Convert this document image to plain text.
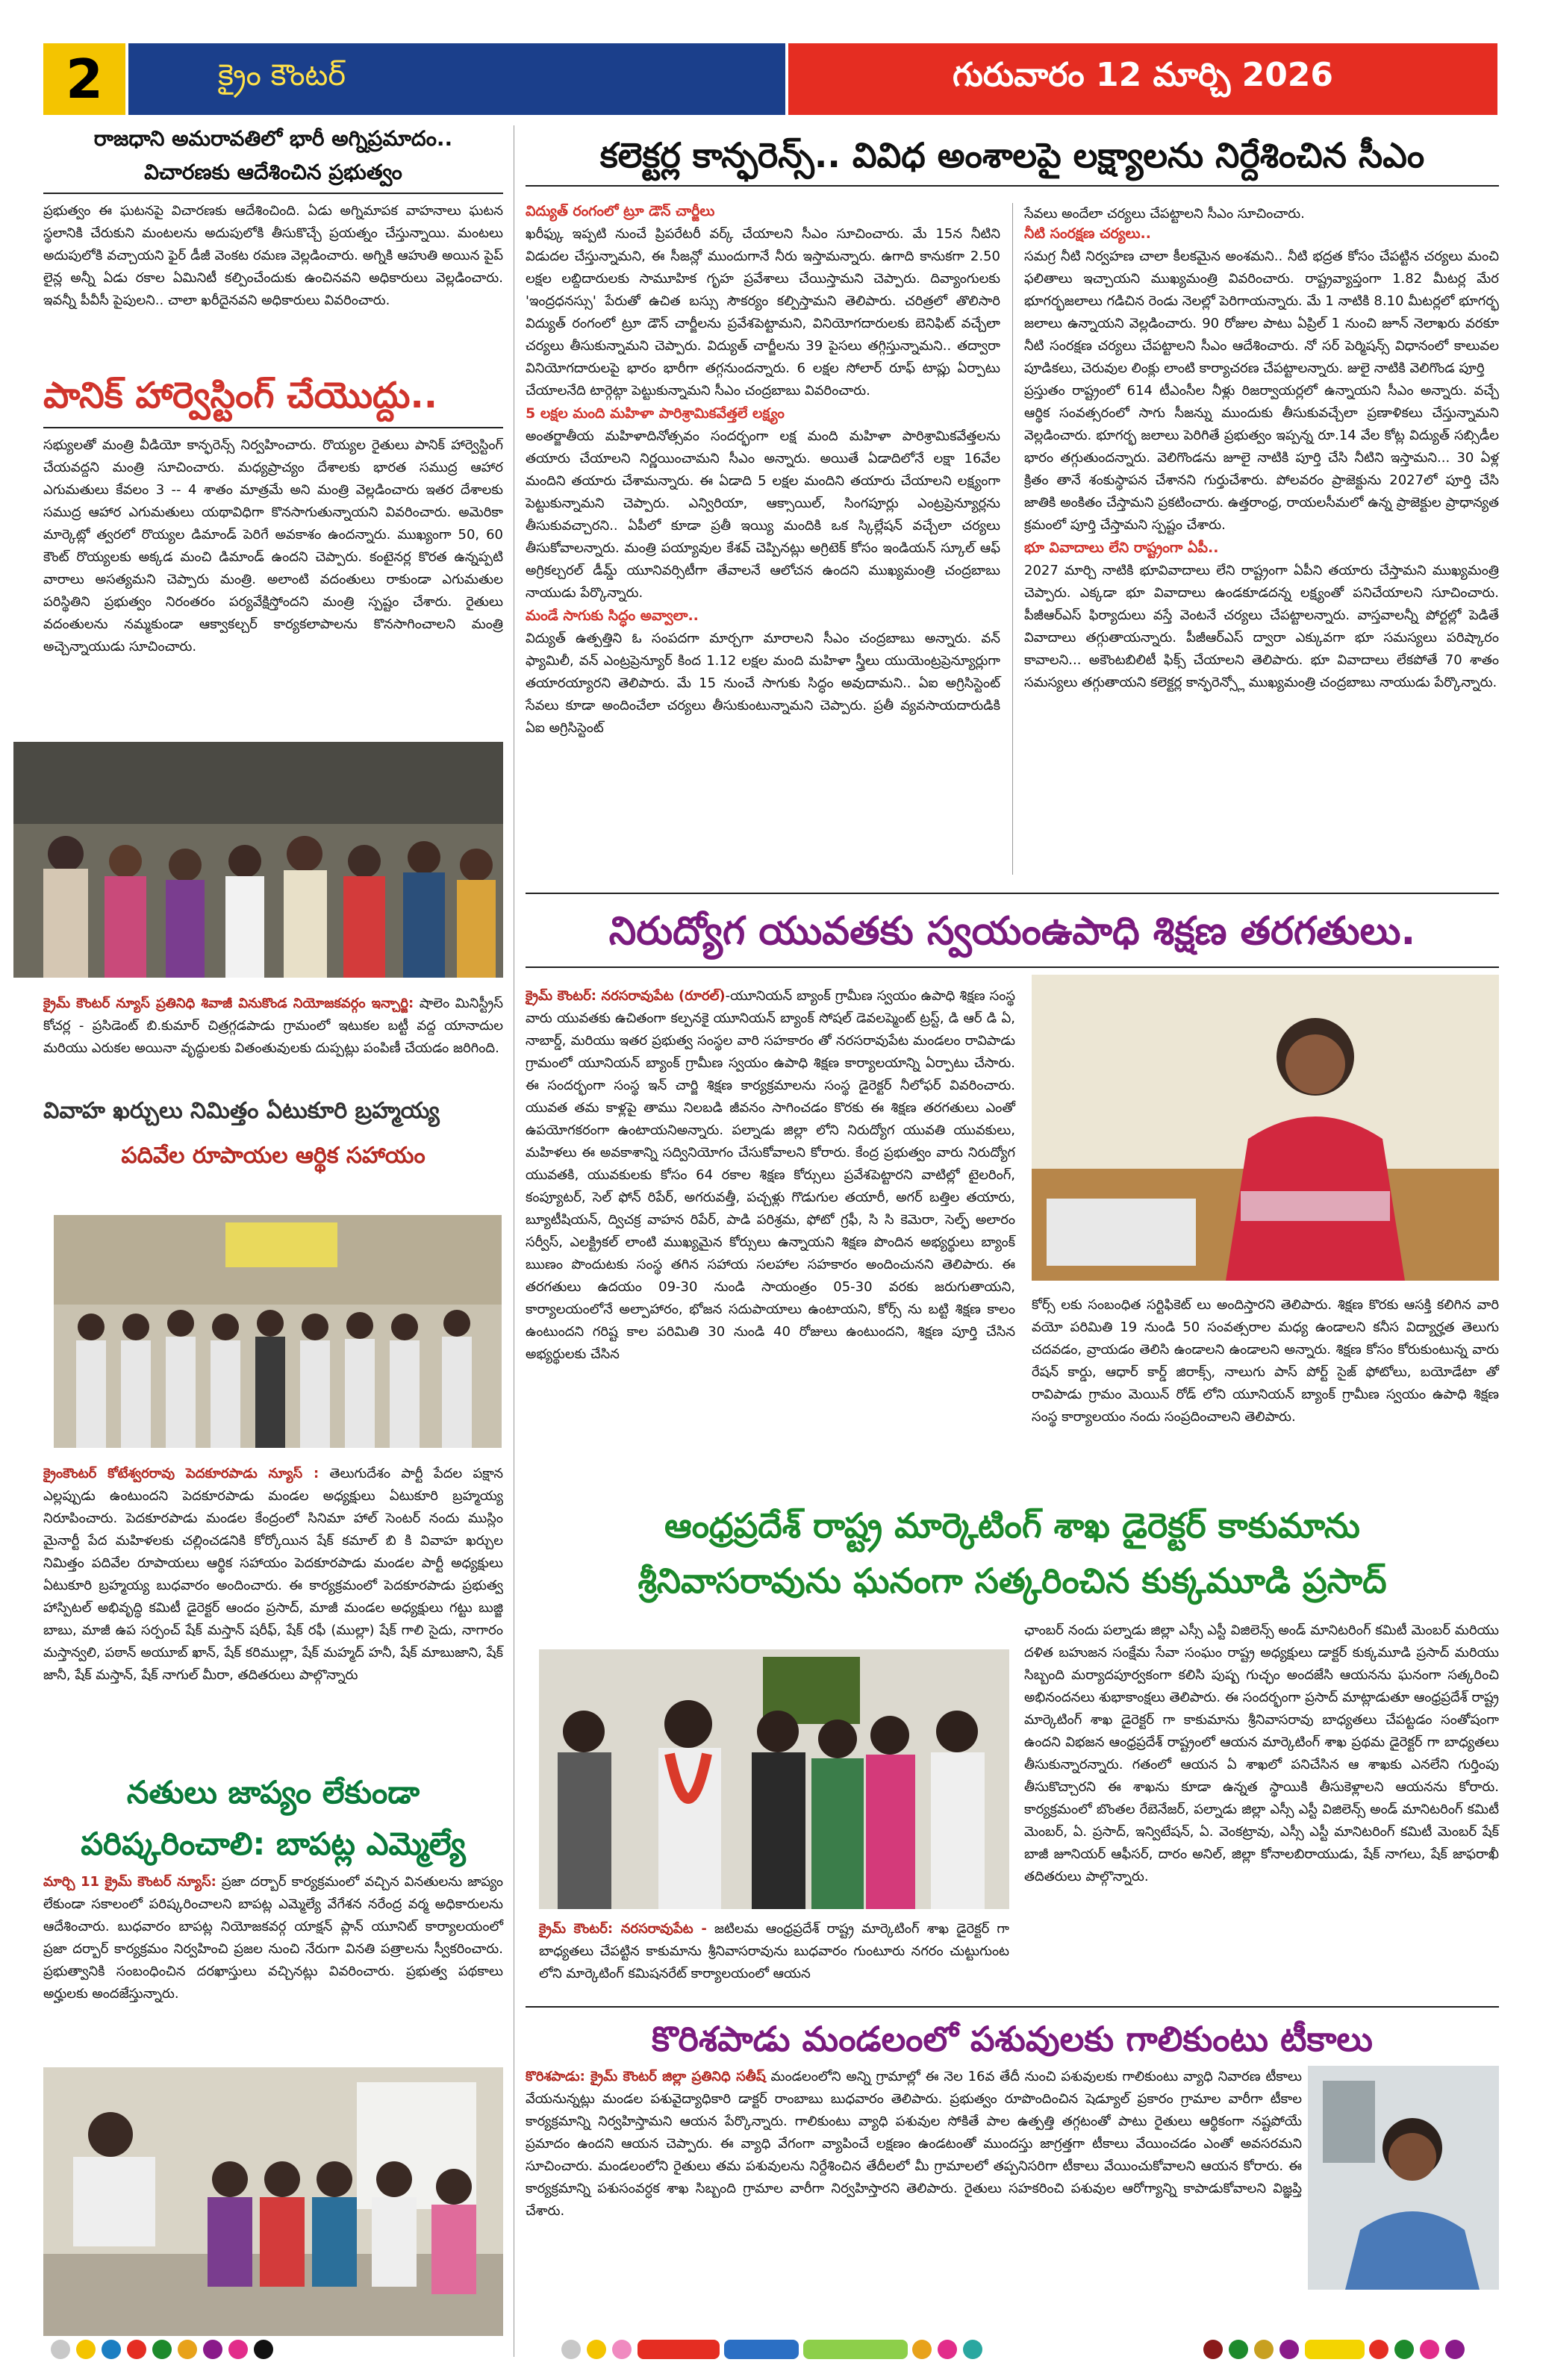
2	క్రైం కౌంటర్	గురువారం 12 మార్చి 2026
రాజధాని అమరావతిలో భారీ అగ్నిప్రమాదం..
విచారణకు ఆదేశించిన ప్రభుత్వం
ప్రభుత్వం ఈ ఘటనపై విచారణకు ఆదేశించింది. ఏడు అగ్నిమాపక వాహనాలు ఘటన స్థలానికి చేరుకుని మంటలను అదుపులోకి తీసుకొచ్చే ప్రయత్నం చేస్తున్నాయి. మంటలు అదుపులోకి వచ్చాయని ఫైర్ డీజీ వెంకట రమణ వెల్లడించారు. అగ్నికి ఆహుతి అయిన పైప్ లైన్ల అన్నీ ఏడు రకాల ఏమినిటీ కల్పించేందుకు ఉంచినవని అధికారులు వెల్లడించారు. ఇవన్నీ పీవీసీ పైపులని.. చాలా ఖరీదైనవని అధికారులు వివరించారు.
పానిక్ హార్వెస్టింగ్ చేయొద్దు..
సభ్యులతో మంత్రి వీడియో కాన్ఫరెన్స్ నిర్వహించారు. రొయ్యల రైతులు పానిక్ హార్వెస్టింగ్ చేయవద్దని మంత్రి సూచించారు. మధ్యప్రాచ్యం దేశాలకు భారత సముద్ర ఆహార ఎగుమతులు కేవలం 3 -- 4 శాతం మాత్రమే అని మంత్రి వెల్లడించారు ఇతర దేశాలకు సముద్ర ఆహార ఎగుమతులు యథావిధిగా కొనసాగుతున్నాయని వివరించారు. అమెరికా మార్కెట్లో త్వరలో రొయ్యల డిమాండ్ పెరిగే అవకాశం ఉందన్నారు. ముఖ్యంగా 50, 60 కౌంట్ రొయ్యలకు అక్కడ మంచి డిమాండ్ ఉందని చెప్పారు. కంటైనర్ల కొరత ఉన్నప్పటి వారాలు అసత్యమని చెప్పారు మంత్రి. అలాంటి వదంతులు రాకుండా ఎగుమతుల పరిస్థితిని ప్రభుత్వం నిరంతరం పర్యవేక్షిస్తోందని మంత్రి స్పష్టం చేశారు. రైతులు వదంతులను నమ్మకుండా ఆక్వాకల్చర్ కార్యకలాపాలను కొనసాగించాలని మంత్రి అచ్చెన్నాయుడు సూచించారు.
క్రైమ్ కౌంటర్ న్యూస్ ప్రతినిధి శివాజీ వినుకొండ నియోజకవర్గం ఇన్చార్జి: షాలెం మినిస్ట్రీస్ కోచర్ల - ప్రసిడెంట్ బి.కుమార్ చిత్రగ్గడపాడు గ్రామంలో ఇటుకల బట్టీ వద్ద యానాదుల మరియు ఎరుకల అయినా వృద్ధులకు వితంతువులకు దుప్పట్లు పంపిణీ చేయడం జరిగింది.
వివాహ ఖర్చులు నిమిత్తం ఏటుకూరి బ్రహ్మయ్య
పదివేల రూపాయల ఆర్థిక సహాయం
క్రైంకౌంటర్ కోటేశ్వరరావు పెదకూరపాడు న్యూస్ : తెలుగుదేశం పార్టీ పేదల పక్షాన ఎల్లప్పుడు ఉంటుందని పెదకూరపాడు మండల అధ్యక్షులు ఏటుకూరి బ్రహ్మయ్య నిరూపించారు. పెదకూరపాడు మండల కేంద్రంలో సినిమా హాల్ సెంటర్ నందు ముస్లిం మైనార్టీ పేద మహిళలకు చల్లించడనికి కోర్కోయిన షేక్ కమాల్ బి కి వివాహ ఖర్చుల నిమిత్తం పదివేల రూపాయలు ఆర్థిక సహాయం పెదకూరపాడు మండల పార్టీ అధ్యక్షులు ఏటుకూరి బ్రహ్మయ్య బుధవారం అందించారు. ఈ కార్యక్రమంలో పెదకూరపాడు ప్రభుత్వ హాస్పిటల్ అభివృద్ధి కమిటీ డైరెక్టర్ ఆందం ప్రసాద్, మాజీ మండల అధ్యక్షులు గట్టు బుజ్జి బాబు, మాజీ ఉప సర్పంచ్ షేక్ మస్తాన్ షరీఫ్, షేక్ రఫీ (ముల్లా) షేక్ గాలి సైదు, నాగారం మస్తాన్వలి, పఠాన్ అయూబ్ ఖాన్, షేక్ కరిముల్లా, షేక్ మహ్మద్ హనీ, షేక్ మాబుజాని, షేక్ జానీ, షేక్ మస్తాన్, షేక్ నాగుల్ మీరా, తదితరులు పాల్గొన్నారు
నతులు జాప్యం లేకుండా
పరిష్కరించాలి: బాపట్ల ఎమ్మెల్యే
మార్చి 11 క్రైమ్ కౌంటర్ న్యూస్: ప్రజా దర్బార్ కార్యక్రమంలో వచ్చిన వినతులను జాప్యం లేకుండా సకాలంలో పరిష్కరించాలని బాపట్ల ఎమ్మెల్యే వేగేశన నరేంద్ర వర్మ అధికారులను ఆదేశించారు. బుధవారం బాపట్ల నియోజకవర్గ యాక్షన్ ప్లాన్ యూనిట్ కార్యాలయంలో ప్రజా దర్బార్ కార్యక్రమం నిర్వహించి ప్రజల నుంచి నేరుగా వినతి పత్రాలను స్వీకరించారు. ప్రభుత్వానికి సంబంధించిన దరఖాస్తులు వచ్చినట్లు వివరించారు. ప్రభుత్వ పథకాలు అర్హులకు అందజేస్తున్నారు.
కలెక్టర్ల కాన్ఫరెన్స్.. వివిధ అంశాలపై లక్ష్యాలను నిర్దేశించిన సీఎం
విద్యుత్ రంగంలో ట్రూ డౌన్ చార్జీలు
ఖరీఫ్కు ఇప్పటి నుంచే ప్రిపరేటరీ వర్క్ చేయాలని సీఎం సూచించారు. మే 15న నీటిని విడుదల చేస్తున్నామని, ఈ సీజన్లో ముందుగానే నీరు ఇస్తామన్నారు. ఉగాది కానుకగా 2.50 లక్షల లబ్దిదారులకు సామూహిక గృహ ప్రవేశాలు చేయిస్తామని చెప్పారు. దివ్యాంగులకు 'ఇంద్రధనస్సు' పేరుతో ఉచిత బస్సు సౌకర్యం కల్పిస్తామని తెలిపారు. చరిత్రలో తొలిసారి విద్యుత్ రంగంలో ట్రూ డౌన్ చార్జీలను ప్రవేశపెట్టామని, వినియోగదారులకు బెనిఫిట్ వచ్చేలా చర్యలు తీసుకున్నామని చెప్పారు. విద్యుత్ చార్జీలను 39 పైసలు తగ్గిస్తున్నామని.. తద్వారా వినియోగదారులపై భారం భారీగా తగ్గనుందన్నారు. 6 లక్షల సోలార్ రూఫ్ టాప్లు ఏర్పాటు చేయాలనేది టార్గెట్గా పెట్టుకున్నామని సీఎం చంద్రబాబు వివరించారు.
5 లక్షల మంది మహిళా పారిశ్రామికవేత్తలే లక్ష్యం
అంతర్జాతీయ మహిళాదినోత్సవం సందర్భంగా లక్ష మంది మహిళా పారిశ్రామికవేత్తలను తయారు చేయాలని నిర్ణయించామని సీఎం అన్నారు. అయితే ఏడాదిలోనే లక్షా 16వేల మందిని తయారు చేశామన్నారు. ఈ ఏడాది 5 లక్షల మందిని తయారు చేయాలని లక్ష్యంగా పెట్టుకున్నామని చెప్పారు. ఎన్విరియా, ఆక్సాయిల్, సింగపూర్లు ఎంట్రప్రెన్యూర్లను తీసుకువచ్చారని.. ఏపీలో కూడా ప్రతీ ఇయ్యి మందికి ఒక స్కిల్లేషన్ వచ్చేలా చర్యలు తీసుకోవాలన్నారు. మంత్రి పయ్యావుల కేశవ్ చెప్పినట్లు అగ్రిటెక్ కోసం ఇండియన్ స్కూల్ ఆఫ్ అగ్రికల్చరల్ డీమ్డ్ యూనివర్సిటీగా తేవాలనే ఆలోచన ఉందని ముఖ్యమంత్రి చంద్రబాబు నాయుడు పేర్కొన్నారు.
మండే సాగుకు సిద్ధం అవ్వాలా..
విద్యుత్ ఉత్పత్తిని ఓ సంపదగా మార్చగా మారాలని సీఎం చంద్రబాబు అన్నారు. వన్ ఫ్యామిలీ, వన్ ఎంట్రప్రెన్యూర్ కింద 1.12 లక్షల మంది మహిళా స్త్రీలు యుయెంట్రప్రెన్యూర్లుగా తయారయ్యారని తెలిపారు. మే 15 నుంచే సాగుకు సిద్ధం అవుదామని.. ఏఐ అగ్రిసిస్టెంట్ సేవలు కూడా అందించేలా చర్యలు తీసుకుంటున్నామని చెప్పారు. ప్రతీ వ్యవసాయదారుడికి ఏఐ అగ్రిసిస్టెంట్
సేవలు అందేలా చర్యలు చేపట్టాలని సీఎం సూచించారు.
నీటి సంరక్షణ చర్యలు..
సమగ్ర నీటి నిర్వహణ చాలా కీలకమైన అంశమని.. నీటి భద్రత కోసం చేపట్టిన చర్యలు మంచి ఫలితాలు ఇచ్చాయని ముఖ్యమంత్రి వివరించారు. రాష్ట్రవ్యాప్తంగా 1.82 మీటర్ల మేర భూగర్భజలాలు గడిచిన రెండు నెలల్లో పెరిగాయన్నారు. మే 1 నాటికి 8.10 మీటర్లలో భూగర్భ జలాలు ఉన్నాయని వెల్లడించారు. 90 రోజుల పాటు ఏప్రిల్ 1 నుంచి జూన్ నెలాఖరు వరకూ నీటి సంరక్షణ చర్యలు చేపట్టాలని సీఎం ఆదేశించారు. నో సర్ పెర్మిషన్స్ విధానంలో కాలువల పూడికలు, చెరువుల లింక్లు లాంటి కార్యాచరణ చేపట్టాలన్నారు. జులై నాటికి వెలిగొండ పూర్తి
ప్రస్తుతం రాష్ట్రంలో 614 టీఎంసీల నీళ్లు రిజర్వాయర్లలో ఉన్నాయని సీఎం అన్నారు. వచ్చే ఆర్థిక సంవత్సరంలో సాగు సీజన్ను ముందుకు తీసుకువచ్చేలా ప్రణాళికలు చేస్తున్నామని వెల్లడించారు. భూగర్భ జలాలు పెరిగితే ప్రభుత్వం ఇప్పన్న రూ.14 వేల కోట్ల విద్యుత్ సబ్సిడీల భారం తగ్గుతుందన్నారు. వెలిగొండను జూలై నాటికి పూర్తి చేసి నీటిని ఇస్తామని... 30 ఏళ్ల క్రితం తానే శంకుస్థాపన చేశానని గుర్తుచేశారు. పోలవరం ప్రాజెక్టును 2027లో పూర్తి చేసి జాతికి అంకితం చేస్తామని ప్రకటించారు. ఉత్తరాంధ్ర, రాయలసీమలో ఉన్న ప్రాజెక్టుల ప్రాధాన్యత క్రమంలో పూర్తి చేస్తామని స్పష్టం చేశారు.
భూ వివాదాలు లేని రాష్ట్రంగా ఏపీ..
2027 మార్చి నాటికి భూవివాదాలు లేని రాష్ట్రంగా ఏపీని తయారు చేస్తామని ముఖ్యమంత్రి చెప్పారు. ఎక్కడా భూ వివాదాలు ఉండకూడదన్న లక్ష్యంతో పనిచేయాలని సూచించారు. పీజీఆర్ఎస్ ఫిర్యాదులు వస్తే వెంటనే చర్యలు చేపట్టాలన్నారు. వాస్తవాలన్నీ పోర్టల్లో పెడితే వివాదాలు తగ్గుతాయన్నారు. పీజీఆర్ఎస్ ద్వారా ఎక్కువగా భూ సమస్యలు పరిష్కారం కావాలని... అకౌంటబిలిటీ ఫిక్స్ చేయాలని తెలిపారు. భూ వివాదాలు లేకపోతే 70 శాతం సమస్యలు తగ్గుతాయని కలెక్టర్ల కాన్ఫరెన్స్లో ముఖ్యమంత్రి చంద్రబాబు నాయుడు పేర్కొన్నారు.
నిరుద్యోగ యువతకు స్వయంఉపాధి శిక్షణ తరగతులు.
క్రైమ్ కౌంటర్: నరసరావుపేట (రూరల్)-యూనియన్ బ్యాంక్ గ్రామీణ స్వయం ఉపాధి శిక్షణ సంస్థ వారు యువతకు ఉచితంగా కల్పనకై యూనియన్ బ్యాంక్ సోషల్ డెవలప్మెంట్ ట్రస్ట్, డి ఆర్ డి ఏ, నాబార్డ్, మరియు ఇతర ప్రభుత్వ సంస్థల వారి సహకారం తో నరసరావుపేట మండలం రావిపాడు గ్రామంలో యూనియన్ బ్యాంక్ గ్రామీణ స్వయం ఉపాధి శిక్షణ కార్యాలయాన్ని ఏర్పాటు చేసారు. ఈ సందర్భంగా సంస్థ ఇన్ చార్జి శిక్షణ కార్యక్రమాలను సంస్థ డైరెక్టర్ నీలోఫర్ వివరించారు. యువత తమ కాళ్లపై తాము నిలబడి జీవనం సాగించడం కొరకు ఈ శిక్షణ తరగతులు ఎంతో ఉపయోగకరంగా ఉంటాయనిఅన్నారు. పల్నాడు జిల్లా లోని నిరుద్యోగ యువతి యువకులు, మహిళలు ఈ అవకాశాన్ని సద్వినియోగం చేసుకోవాలని కోరారు. కేంద్ర ప్రభుత్వం వారు నిరుద్యోగ యువతకి, యువకులకు కోసం 64 రకాల శిక్షణ కోర్సులు ప్రవేశపెట్టారని వాటిల్లో టైలరింగ్, కంప్యూటర్, సెల్ ఫోన్ రిపేర్, అగరువత్తీ, పచ్చళ్లు గొడుగుల తయారీ, అగర్ బత్తిల తయారు, బ్యూటీషియన్, ద్విచక్ర వాహన రిపేర్, పాడి పరిశ్రమ, ఫోటో గ్రఫీ, సి సి కెమెరా, సెల్ఫ్ అలారం సర్వీస్, ఎలక్ట్రికల్ లాంటి ముఖ్యమైన కోర్సులు ఉన్నాయని శిక్షణ పొందిన అభ్యర్థులు బ్యాంక్ ఋణం పొందుటకు సంస్థ తగిన సహాయ సలహాల సహకారం అందించునని తెలిపారు. ఈ తరగతులు ఉదయం 09-30 నుండి సాయంత్రం 05-30 వరకు జరుగుతాయని, కార్యాలయంలోనే అల్పాహారం, భోజన సదుపాయాలు ఉంటాయని, కోర్స్ ను బట్టి శిక్షణ కాలం ఉంటుందని గరిష్ట కాల పరిమితి 30 నుండి 40 రోజులు ఉంటుందని, శిక్షణ పూర్తి చేసిన అభ్యర్థులకు చేసిన
కోర్స్ లకు సంబంధిత సర్టిఫికెట్ లు అందిస్తారని తెలిపారు. శిక్షణ కొరకు ఆసక్తి కలిగిన వారి వయో పరిమితి 19 నుండి 50 సంవత్సరాల మధ్య ఉండాలని కనీస విద్యార్హత తెలుగు చదవడం, వ్రాయడం తెలిసి ఉండాలని ఉండాలని అన్నారు. శిక్షణ కోసం కోరుకుంటున్న వారు రేషన్ కార్డు, ఆధార్ కార్డ్ జిరాక్స్, నాలుగు పాస్ పోర్ట్ సైజ్ ఫోటోలు, బయోడేటా తో రావిపాడు గ్రామం మెయిన్ రోడ్ లోని యూనియన్ బ్యాంక్ గ్రామీణ స్వయం ఉపాధి శిక్షణ సంస్థ కార్యాలయం నందు సంప్రదించాలని తెలిపారు.
ఆంధ్రప్రదేశ్ రాష్ట్ర మార్కెటింగ్ శాఖ డైరెక్టర్ కాకుమాను
శ్రీనివాసరావును ఘనంగా సత్కరించిన కుక్కమూడి ప్రసాద్
క్రైమ్ కౌంటర్: నరసరావుపేట - జటిలమ ఆంధ్రప్రదేశ్ రాష్ట్ర మార్కెటింగ్ శాఖ డైరెక్టర్ గా బాధ్యతలు చేపట్టిన కాకుమాను శ్రీనివాసరావును బుధవారం గుంటూరు నగరం చుట్టుగుంట లోని మార్కెటింగ్ కమిషనరేట్ కార్యాలయంలో ఆయన
ఛాంబర్ నందు పల్నాడు జిల్లా ఎస్సీ ఎస్టీ విజిలెన్స్ అండ్ మానిటరింగ్ కమిటీ మెంబర్ మరియు దళిత బహుజన సంక్షేమ సేవా సంఘం రాష్ట్ర అధ్యక్షులు డాక్టర్ కుక్కమూడి ప్రసాద్ మరియు సిబ్బంది మర్యాదపూర్వకంగా కలిసి పుష్ప గుచ్ఛం అందజేసి ఆయనను ఘనంగా సత్కరించి అభినందనలు శుభాకాంక్షలు తెలిపారు. ఈ సందర్భంగా ప్రసాద్ మాట్లాడుతూ ఆంధ్రప్రదేశ్ రాష్ట్ర మార్కెటింగ్ శాఖ డైరెక్టర్ గా కాకుమాను శ్రీనివాసరావు బాధ్యతలు చేపట్టడం సంతోషంగా ఉందని విభజన ఆంధ్రప్రదేశ్ రాష్ట్రంలో ఆయన మార్కెటింగ్ శాఖ ప్రథమ డైరెక్టర్ గా బాధ్యతలు తీసుకున్నారన్నారు. గతంలో ఆయన ఏ శాఖలో పనిచేసిన ఆ శాఖకు ఎనలేని గుర్తింపు తీసుకొచ్చారని ఈ శాఖను కూడా ఉన్నత స్థాయికి తీసుకెళ్లాలని ఆయనను కోరారు. కార్యక్రమంలో బొంతల రేబెనేజర్, పల్నాడు జిల్లా ఎస్సీ ఎస్టీ విజిలెన్స్ అండ్ మానిటరింగ్ కమిటీ మెంబర్, ఏ. ప్రసాద్, ఇన్విటేషన్, ఏ. వెంకట్రావు, ఎస్సీ ఎస్టీ మానిటరింగ్ కమిటీ మెంబర్ షేక్ బాజీ జూనియర్ ఆఫీసర్, దారం అనిల్, జిల్లా కోనాలబిరాయుడు, షేక్ నాగలు, షేక్ జాఫరాఖీ తదితరులు పాల్గొన్నారు.
కొరిశపాడు మండలంలో పశువులకు గాలికుంటు టీకాలు
కొరిశపాడు: క్రైమ్ కౌంటర్ జిల్లా ప్రతినిధి సతీష్ మండలంలోని అన్ని గ్రామాల్లో ఈ నెల 16వ తేదీ నుంచి పశువులకు గాలికుంటు వ్యాధి నివారణ టీకాలు వేయనున్నట్లు మండల పశువైద్యాధికారి డాక్టర్ రాంబాబు బుధవారం తెలిపారు. ప్రభుత్వం రూపొందించిన షెడ్యూల్ ప్రకారం గ్రామాల వారీగా టీకాల కార్యక్రమాన్ని నిర్వహిస్తామని ఆయన పేర్కొన్నారు. గాలికుంటు వ్యాధి పశువుల సోకితే పాల ఉత్పత్తి తగ్గటంతో పాటు రైతులు ఆర్థికంగా నష్టపోయే ప్రమాదం ఉందని ఆయన చెప్పారు. ఈ వ్యాధి వేగంగా వ్యాపించే లక్షణం ఉండటంతో ముందస్తు జాగ్రత్తగా టీకాలు వేయించడం ఎంతో అవసరమని సూచించారు. మండలంలోని రైతులు తమ పశువులను నిర్దేశించిన తేదీలలో మీ గ్రామాలలో తప్పనిసరిగా టీకాలు వేయించుకోవాలని ఆయన కోరారు. ఈ కార్యక్రమాన్ని పశుసంవర్ధక శాఖ సిబ్బంది గ్రామాల వారీగా నిర్వహిస్తారని తెలిపారు. రైతులు సహకరించి పశువుల ఆరోగ్యాన్ని కాపాడుకోవాలని విజ్ఞప్తి చేశారు.
